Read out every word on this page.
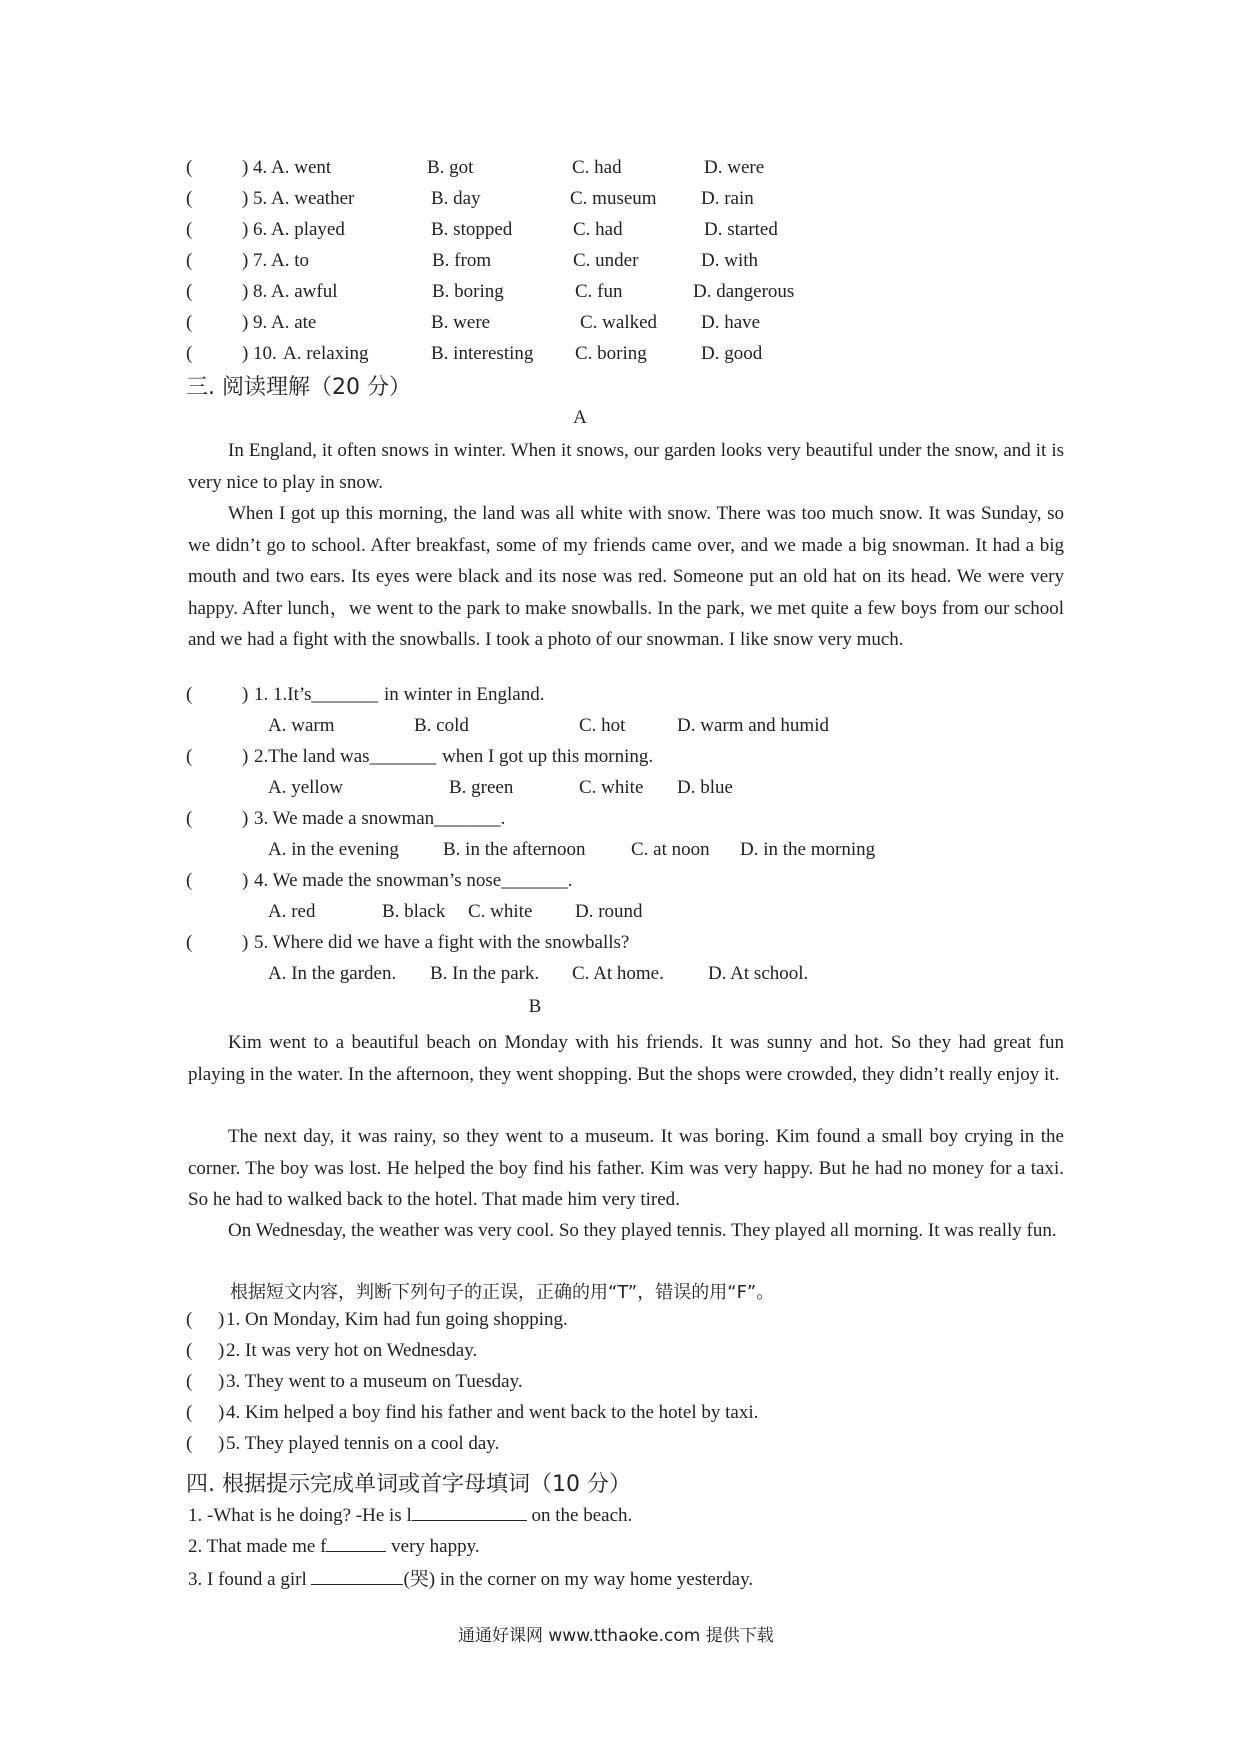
(	) 4. A. went	B. got	C. had	D. were
(	) 5. A. weather	B. day	C. museum D. rain
(	) 6. A. played	B. stopped	C. had	D. started
(	) 7. A. to	B. from	C. under	D. with
(	) 8. A. awful	B. boring	C. fun	D. dangerous
(	) 9. A. ate	B. were	C. walked D. have
(	) 10. A. relaxing	B. interesting C. boring	D. good
三. 阅读理解（20 分）
A
In England, it often snows in winter. When it snows, our garden looks very beautiful under the snow, and it is very nice to play in snow.
When I got up this morning, the land was all white with snow. There was too much snow. It was Sunday, so we didn’t go to school. After breakfast, some of my friends came over, and we made a big snowman. It had a big mouth and two ears. Its eyes were black and its nose was red. Someone put an old hat on its head. We were very happy. After lunch，we went to the park to make snowballs. In the park, we met quite a few boys from our school and we had a fight with the snowballs. I took a photo of our snowman. I like snow very much.
(	) 1. 1.It’s_______ in winter in England.
A. warm	B. cold	C. hot	D. warm and humid
(	) 2.The land was_______ when I got up this morning.
A. yellow	B. green	C. white D. blue
(	) 3. We made a snowman_______.
A. in the evening B. in the afternoon C. at noon D. in the morning
(	) 4. We made the snowman’s nose_______.
A. red	B. black C. white D. round
(	) 5. Where did we have a fight with the snowballs?
A. In the garden. B. In the park. C. At home. D. At school.
B
Kim went to a beautiful beach on Monday with his friends. It was sunny and hot. So they had great fun playing in the water. In the afternoon, they went shopping. But the shops were crowded, they didn’t really enjoy it.
The next day, it was rainy, so they went to a museum. It was boring. Kim found a small boy crying in the corner. The boy was lost. He helped the boy find his father. Kim was very happy. But he had no money for a taxi. So he had to walked back to the hotel. That made him very tired.
On Wednesday, the weather was very cool. So they played tennis. They played all morning. It was really fun.
根据短文内容，判断下列句子的正误，正确的用“T”，错误的用“F”。
( ) 1. On Monday, Kim had fun going shopping.
( ) 2. It was very hot on Wednesday.
( ) 3. They went to a museum on Tuesday.
( ) 4. Kim helped a boy find his father and went back to the hotel by taxi.
( ) 5. They played tennis on a cool day.
四. 根据提示完成单词或首字母填词（10 分）
1. -What is he doing? -He is l	on the beach.
2. That made me f	very happy.
3. I found a girl	(哭) in the corner on my way home yesterday.
通通好课网 www.tthaoke.com 提供下载
